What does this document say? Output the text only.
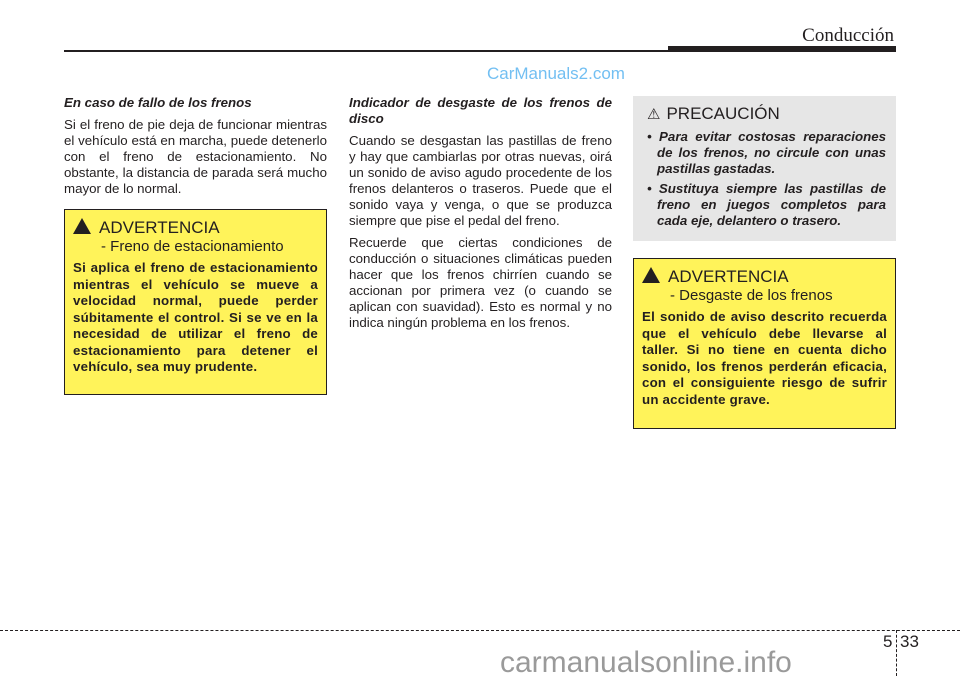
Conducción

En caso de fallo de los frenos

Si el freno de pie deja de funcionar mientras el vehículo está en marcha, puede detenerlo con el freno de estacionamiento. No obstante, la distancia de parada será mucho mayor de lo normal.

ADVERTENCIA
- Freno de estacionamiento
Si aplica el freno de estacionamiento mientras el vehículo se mueve a velocidad normal, puede perder súbitamente el control. Si se ve en la necesidad de utilizar el freno de estacionamiento para detener el vehículo, sea muy prudente.

Indicador de desgaste de los frenos de disco

Cuando se desgastan las pastillas de freno y hay que cambiarlas por otras nuevas, oirá un sonido de aviso agudo procedente de los frenos delanteros o traseros. Puede que el sonido vaya y venga, o que se produzca siempre que pise el pedal del freno.

Recuerde que ciertas condiciones de conducción o situaciones climáticas pueden hacer que los frenos chirríen cuando se accionan por primera vez (o cuando se aplican con suavidad). Esto es normal y no indica ningún problema en los frenos.

CarManuals2.com
⚠ PRECAUCIÓN
• Para evitar costosas reparaciones de los frenos, no circule con unas pastillas gastadas.
• Sustituya siempre las pastillas de freno en juegos completos para cada eje, delantero o trasero.
ADVERTENCIA
- Desgaste de los frenos
El sonido de aviso descrito recuerda que el vehículo debe llevarse al taller. Si no tiene en cuenta dicho sonido, los frenos perderán eficacia, con el consiguiente riesgo de sufrir un accidente grave.
carmanualsonline.info
5 33
